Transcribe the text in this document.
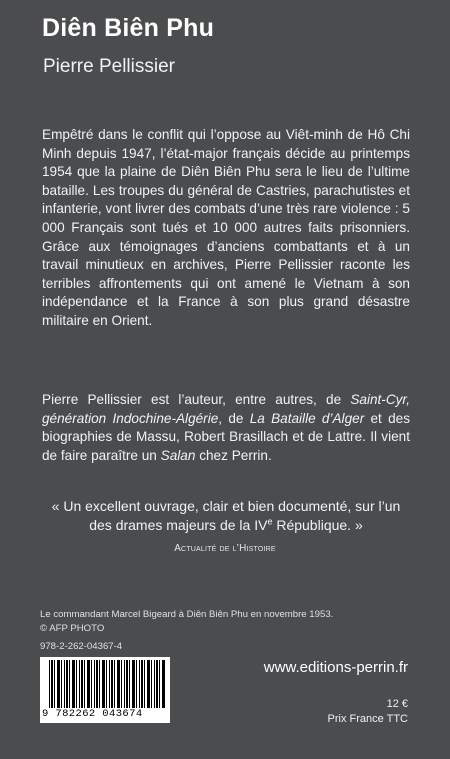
Diên Biên Phu
Pierre Pellissier

Empêtré dans le conflit qui l’oppose au Viêt-minh de Hô Chi Minh depuis 1947, l’état-major français décide au printemps 1954 que la plaine de Diên Biên Phu sera le lieu de l’ultime bataille. Les troupes du général de Castries, parachutistes et infanterie, vont livrer des combats d’une très rare violence : 5 000 Français sont tués et 10 000 autres faits prisonniers. Grâce aux témoignages d’anciens combattants et à un travail minutieux en archives, Pierre Pellissier raconte les terribles affrontements qui ont amené le Vietnam à son indépendance et la France à son plus grand désastre militaire en Orient.

Pierre Pellissier est l’auteur, entre autres, de Saint-Cyr, génération Indochine-Algérie, de La Bataille d’Alger et des biographies de Massu, Robert Brasillach et de Lattre. Il vient de faire paraître un Salan chez Perrin.

« Un excellent ouvrage, clair et bien documenté, sur l’un des drames majeurs de la IVe République. »

Actualité de l’Histoire
Le commandant Marcel Bigeard à Diên Biên Phu en novembre 1953.
© AFP PHOTO
978-2-262-04367-4
9 782262 043674
www.editions-perrin.fr
12 €
Prix France TTC
